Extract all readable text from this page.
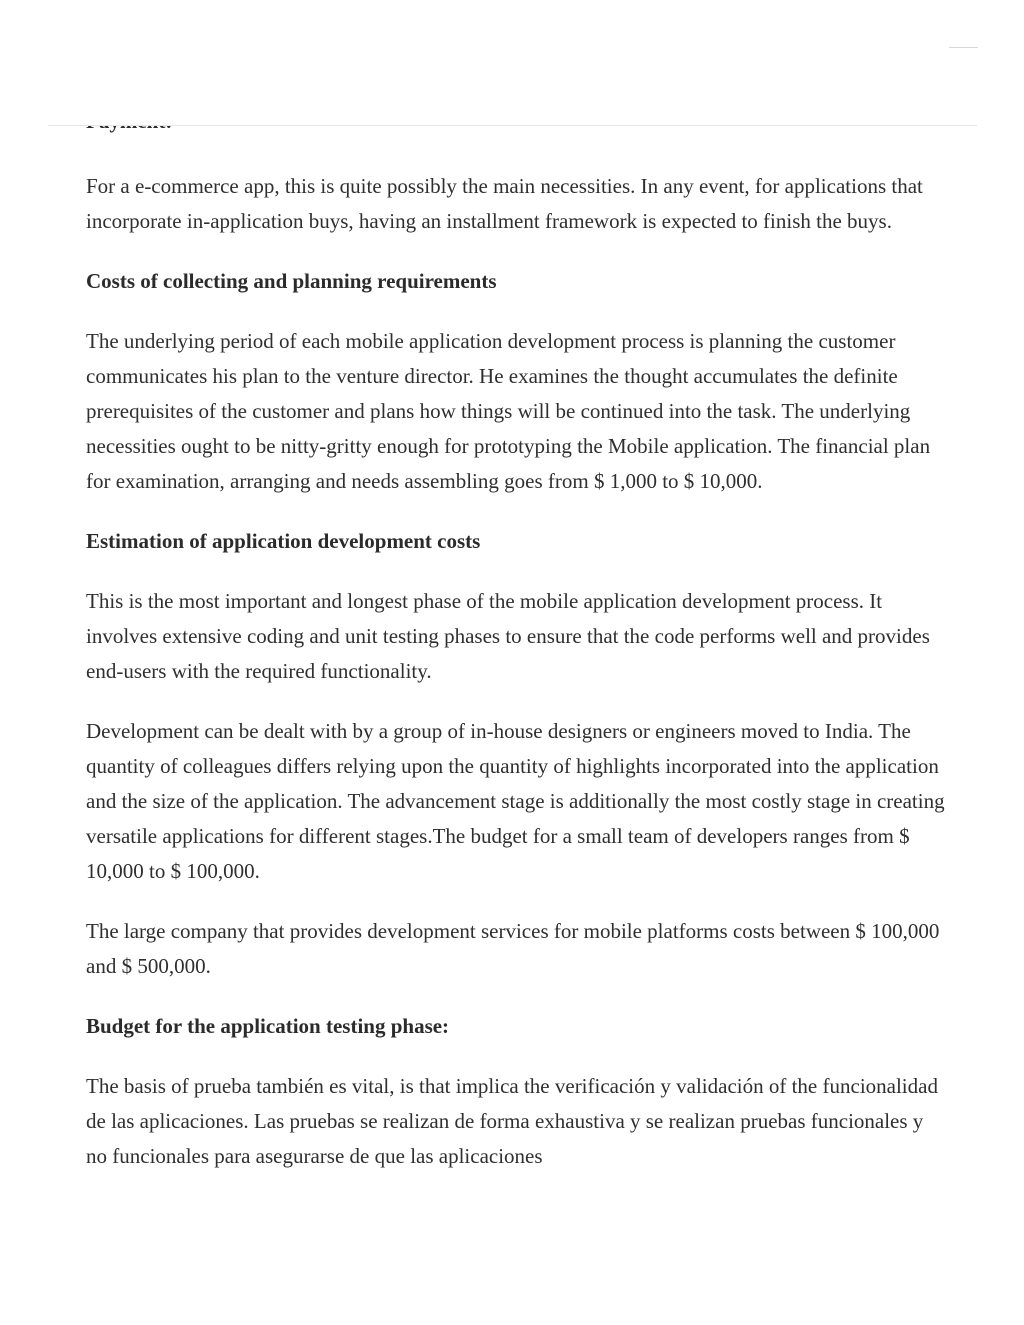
For a e-commerce app, this is quite possibly the main necessities. In any event, for applications that incorporate in-application buys, having an installment framework is expected to finish the buys.

Costs of collecting and planning requirements

The underlying period of each mobile application development process is planning the customer communicates his plan to the venture director. He examines the thought accumulates the definite prerequisites of the customer and plans how things will be continued into the task. The underlying necessities ought to be nitty-gritty enough for prototyping the Mobile application. The financial plan for examination, arranging and needs assembling goes from $ 1,000 to $ 10,000.

Estimation of application development costs

This is the most important and longest phase of the mobile application development process. It involves extensive coding and unit testing phases to ensure that the code performs well and provides end-users with the required functionality.

Development can be dealt with by a group of in-house designers or engineers moved to India. The quantity of colleagues differs relying upon the quantity of highlights incorporated into the application and the size of the application. The advancement stage is additionally the most costly stage in creating versatile applications for different stages.The budget for a small team of developers ranges from $ 10,000 to $ 100,000.

The large company that provides development services for mobile platforms costs between $ 100,000 and $ 500,000.

Budget for the application testing phase:

The basis of prueba también es vital, is that implica the verificación y validación of the funcionalidad de las aplicaciones. Las pruebas se realizan de forma exhaustiva y se realizan pruebas funcionales y no funcionales para asegurarse de que las aplicaciones
